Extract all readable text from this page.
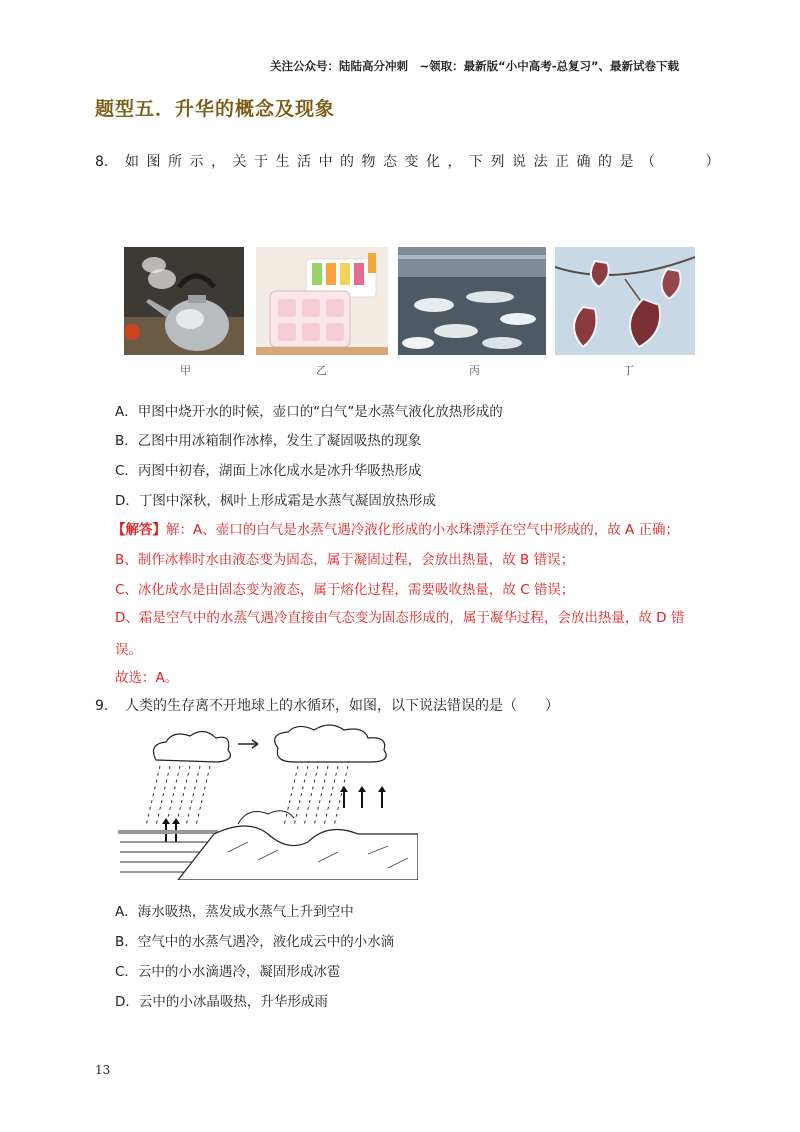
关注公众号：陆陆高分冲刺　~领取：最新版“小中高考-总复习”、最新试卷下载
题型五．升华的概念及现象
8. 如图所示，关于生活中的物态变化，下列说法正确的是（　　）
甲	乙	丙	丁
A．甲图中烧开水的时候，壶口的“白气”是水蒸气液化放热形成的
B．乙图中用冰箱制作冰棒，发生了凝固吸热的现象
C．丙图中初春，湖面上冰化成水是冰升华吸热形成
D．丁图中深秋，枫叶上形成霜是水蒸气凝固放热形成
【解答】解：A、壶口的白气是水蒸气遇冷液化形成的小水珠漂浮在空气中形成的，故 A 正确；
B、制作冰棒时水由液态变为固态，属于凝固过程，会放出热量，故 B 错误；
C、冰化成水是由固态变为液态，属于熔化过程，需要吸收热量，故 C 错误；
D、霜是空气中的水蒸气遇冷直接由气态变为固态形成的，属于凝华过程，会放出热量，故 D 错
误。
故选：A。
9. 人类的生存离不开地球上的水循环，如图，以下说法错误的是（　　）
A．海水吸热，蒸发成水蒸气上升到空中
B．空气中的水蒸气遇冷，液化成云中的小水滴
C．云中的小水滴遇冷，凝固形成冰雹
D．云中的小冰晶吸热，升华形成雨
13
